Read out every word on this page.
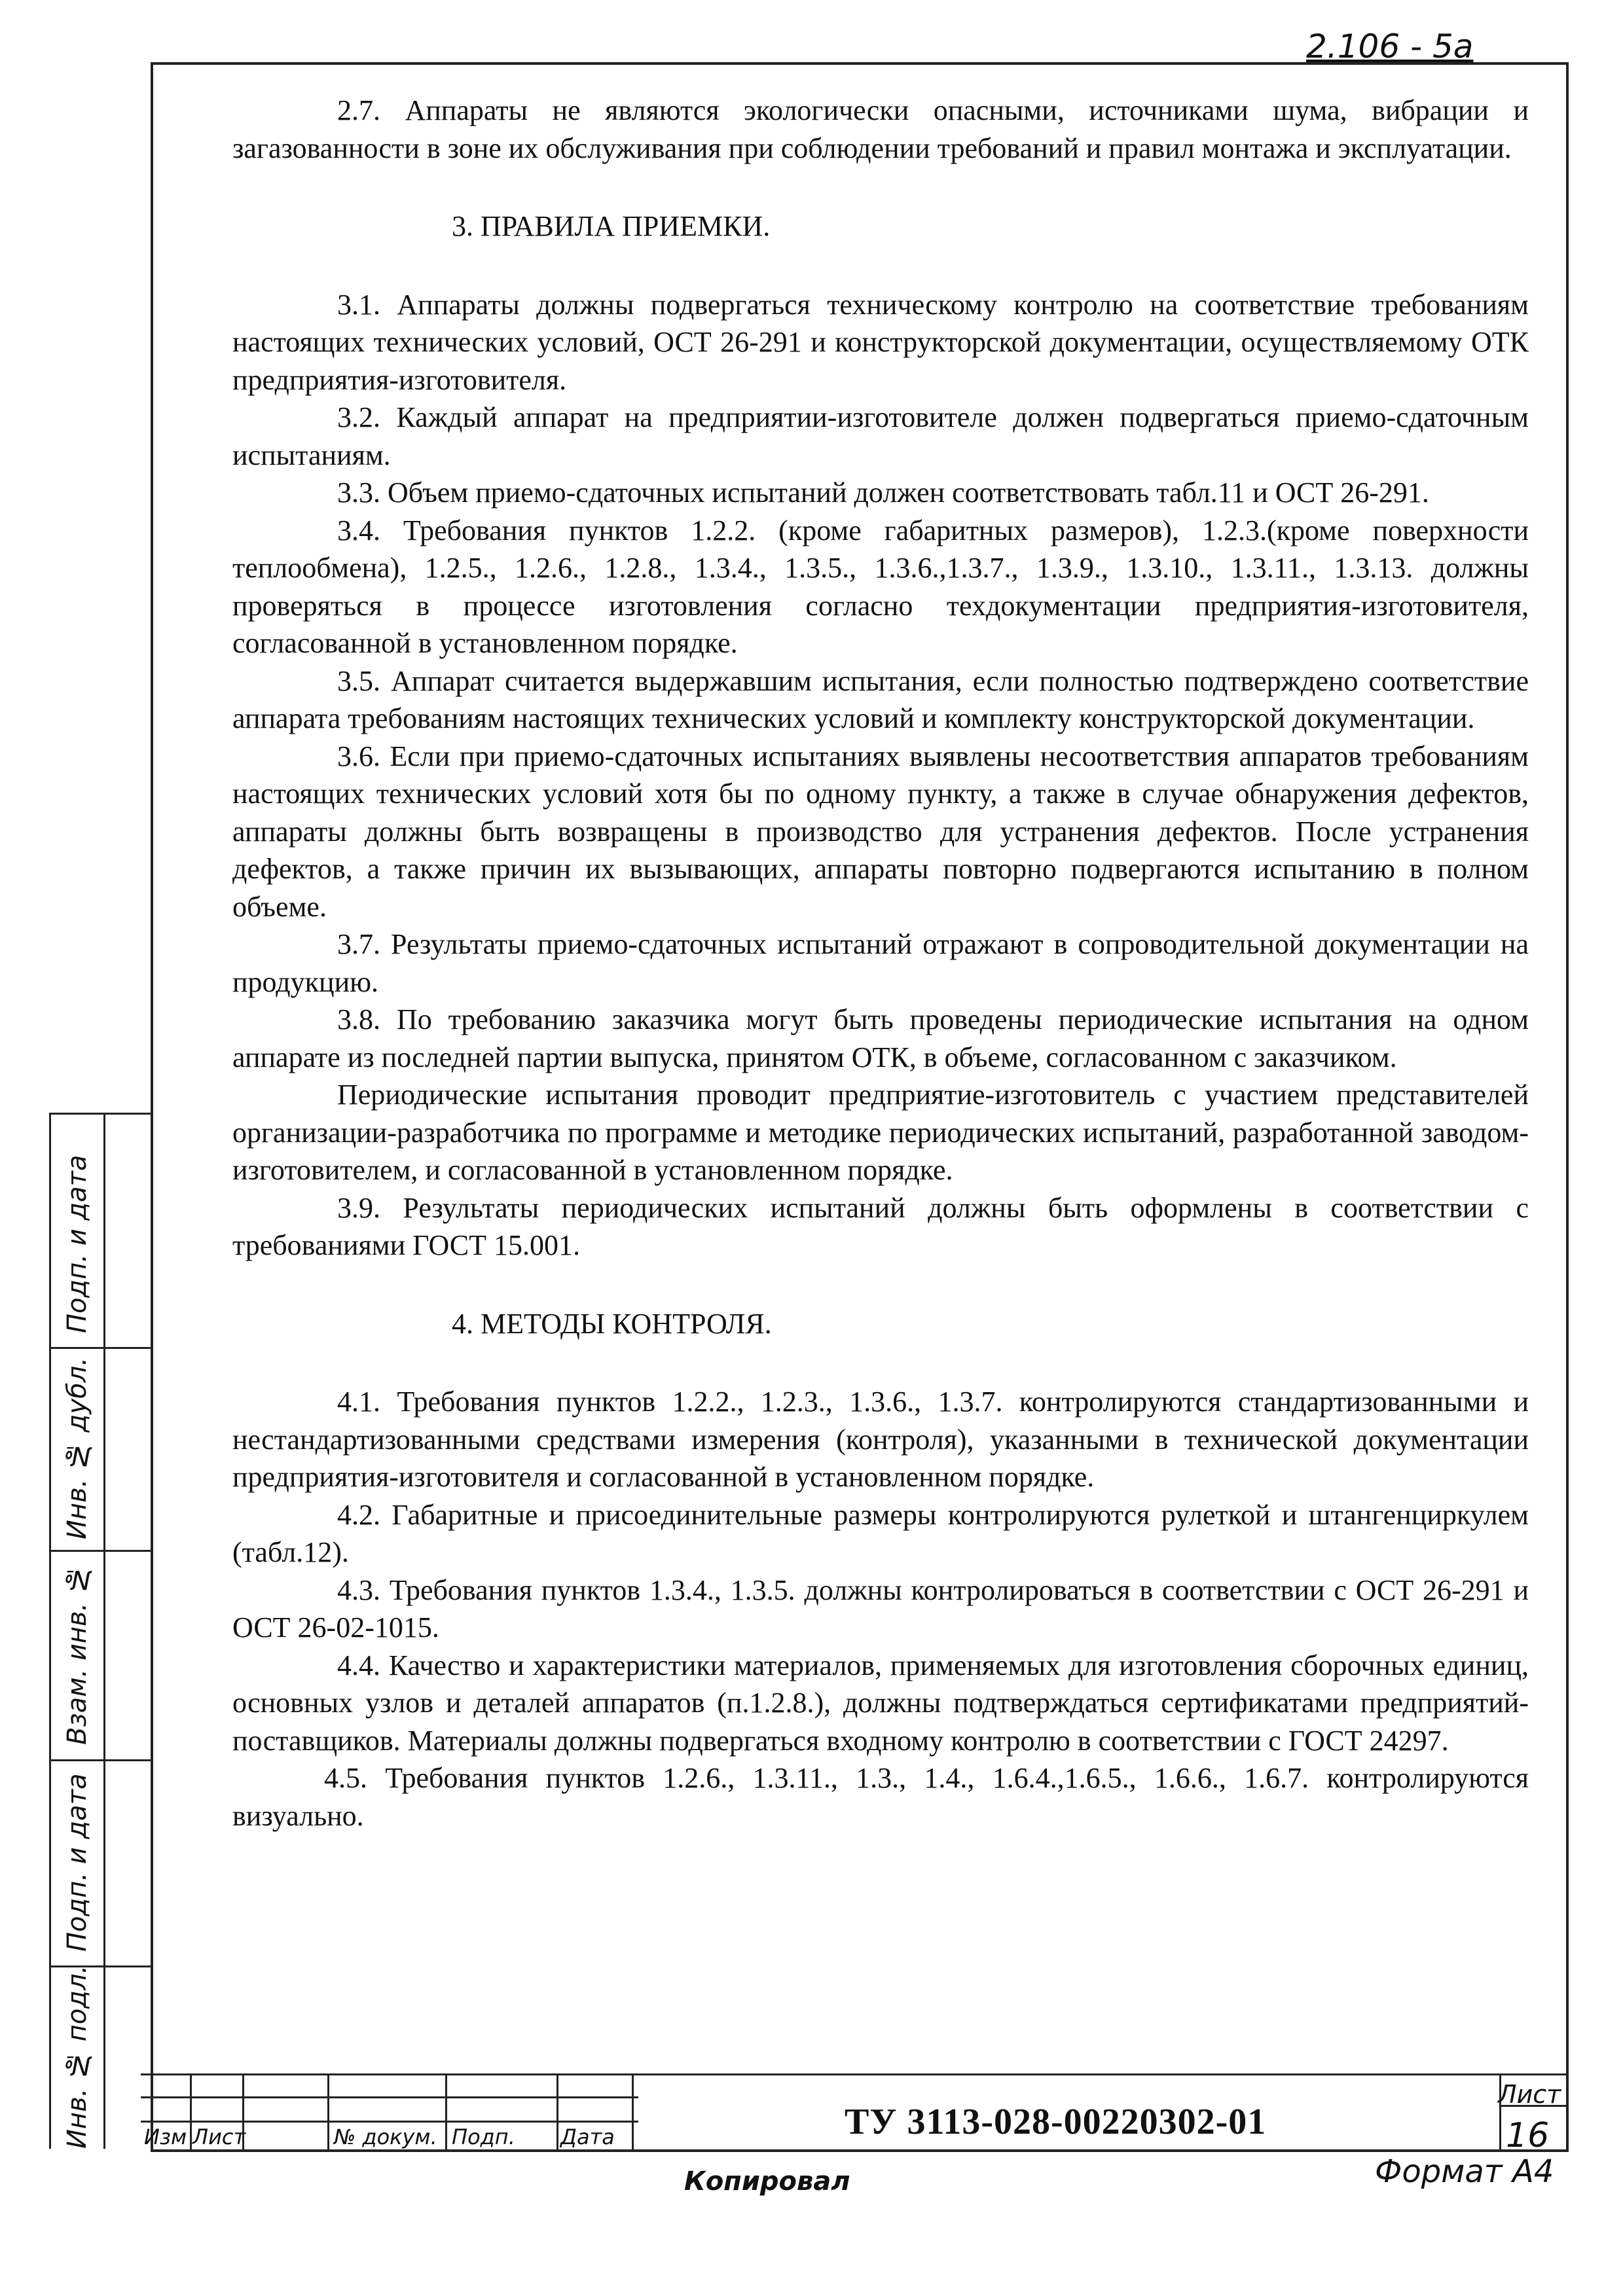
2.106 - 5a

2.7. Аппараты не являются экологически опасными, источниками шума, вибрации и загазованности в зоне их обслуживания при соблюдении требований и правил монтажа и эксплуатации.

3. ПРАВИЛА ПРИЕМКИ.

3.1. Аппараты должны подвергаться техническому контролю на соответствие требованиям настоящих технических условий, ОСТ 26-291 и конструкторской документации, осуществляемому ОТК предприятия-изготовителя.

3.2. Каждый аппарат на предприятии-изготовителе должен подвергаться приемо-сдаточным испытаниям.

3.3. Объем приемо-сдаточных испытаний должен соответствовать табл.11 и ОСТ 26-291.

3.4. Требования пунктов 1.2.2. (кроме габаритных размеров), 1.2.3.(кроме поверхности теплообмена), 1.2.5., 1.2.6., 1.2.8., 1.3.4., 1.3.5., 1.3.6.,1.3.7., 1.3.9., 1.3.10., 1.3.11., 1.3.13. должны проверяться в процессе изготовления согласно техдокументации предприятия-изготовителя, согласованной в установленном порядке.

3.5. Аппарат считается выдержавшим испытания, если полностью подтверждено соответствие аппарата требованиям настоящих технических условий и комплекту конструкторской документации.

3.6. Если при приемо-сдаточных испытаниях выявлены несоответствия аппаратов требованиям настоящих технических условий хотя бы по одному пункту, а также в случае обнаружения дефектов, аппараты должны быть возвращены в производство для устранения дефектов. После устранения дефектов, а также причин их вызывающих, аппараты повторно подвергаются испытанию в полном объеме.

3.7. Результаты приемо-сдаточных испытаний отражают в сопроводительной документации на продукцию.

3.8. По требованию заказчика могут быть проведены периодические испытания на одном аппарате из последней партии выпуска, принятом ОТК, в объеме, согласованном с заказчиком.

Периодические испытания проводит предприятие-изготовитель с участием представителей организации-разработчика по программе и методике периодических испытаний, разработанной заводом-изготовителем, и согласованной в установленном порядке.

3.9. Результаты периодических испытаний должны быть оформлены в соответствии с требованиями ГОСТ 15.001.

4. МЕТОДЫ КОНТРОЛЯ.

4.1. Требования пунктов 1.2.2., 1.2.3., 1.3.6., 1.3.7. контролируются стандартизованными и нестандартизованными средствами измерения (контроля), указанными в технической документации предприятия-изготовителя и согласованной в установленном порядке.

4.2. Габаритные и присоединительные размеры контролируются рулеткой и штангенциркулем (табл.12).

4.3. Требования пунктов 1.3.4., 1.3.5. должны контролироваться в соответствии с ОСТ 26-291 и ОСТ 26-02-1015.

4.4. Качество и характеристики материалов, применяемых для изготовления сборочных единиц, основных узлов и деталей аппаратов (п.1.2.8.), должны подтверждаться сертификатами предприятий- поставщиков. Материалы должны подвергаться входному контролю в соответствии с ГОСТ 24297.

4.5. Требования пунктов 1.2.6., 1.3.11., 1.3., 1.4., 1.6.4.,1.6.5., 1.6.6., 1.6.7. контролируются визуально.

Подп. и дата
Инв. № дубл.
Взам. инв. №
Подп. и дата
Инв. № подл.	Изм Лист	№ докум. Подп. Дата	ТУ 3113-028-00220302-01
Лист
16
Копировал	Формат А4
